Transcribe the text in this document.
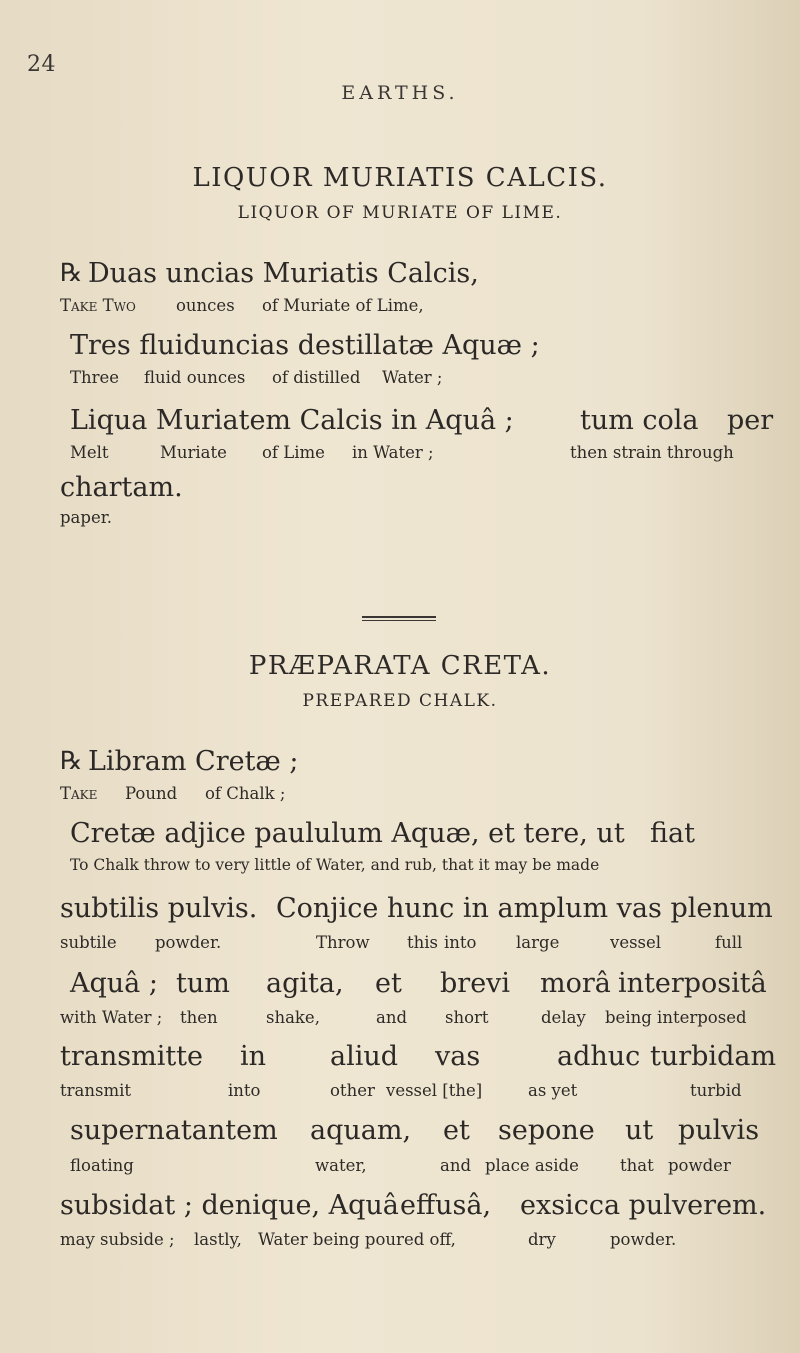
24
EARTHS.
LIQUOR MURIATIS CALCIS.
LIQUOR OF MURIATE OF LIME.
℞ Duas uncias Muriatis Calcis,
Take Two ounces of Muriate of Lime,
Tres fluiduncias destillatæ Aquæ ;
Three fluid ounces of distilled Water ;
Liqua Muriatem Calcis in Aquâ ; tum cola per
Melt	Muriate of Lime in Water ;	then strain through
chartam.
paper.
PRÆPARATA CRETA.
PREPARED CHALK.
℞ Libram Cretæ ;
Take Pound of Chalk ;
Cretæ adjice paululum Aquæ, et tere, ut fiat
To Chalk throw to very little of Water, and rub, that it may be made
subtilis pulvis. Conjice hunc in amplum vas plenum
subtile powder.	Throw this into large	vessel	full
Aquâ ; tum agita, et brevi morâ interpositâ
with Water ; then	shake,	and short	delay being interposed
transmitte in aliud vas	adhuc turbidam
transmit	into	other vessel [the]	as yet	turbid
supernatantem aquam, et sepone ut pulvis
floating	water,	and place aside that powder
subsidat ; denique, Aquâ effusâ, exsicca pulverem.
may subside ; lastly, Water being poured off,	dry	powder.
